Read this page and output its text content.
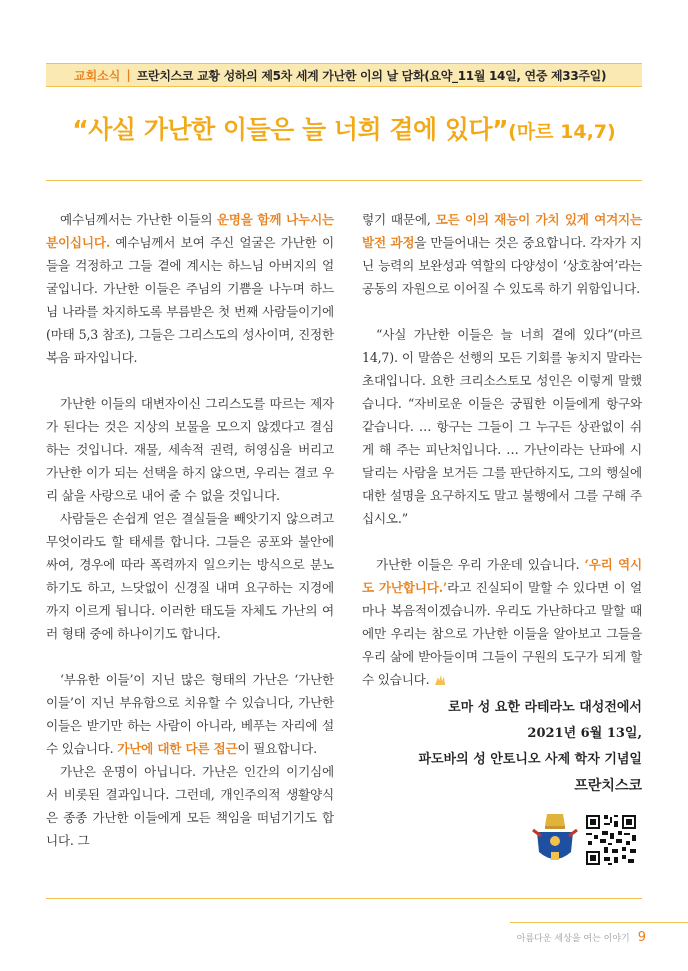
교회소식 | 프란치스코 교황 성하의 제5차 세계 가난한 이의 날 담화(요약_11월 14일, 연중 제33주일)
“사실 가난한 이들은 늘 너희 곁에 있다”(마르 14,7)

예수님께서는 가난한 이들의 운명을 함께 나누시는 분이십니다. 예수님께서 보여 주신 얼굴은 가난한 이들을 걱정하고 그들 곁에 계시는 하느님 아버지의 얼굴입니다. 가난한 이들은 주님의 기쁨을 나누며 하느님 나라를 차지하도록 부름받은 첫 번째 사람들이기에(마태 5,3 참조), 그들은 그리스도의 성사이며, 진정한 복음 파자입니다.

가난한 이들의 대변자이신 그리스도를 따르는 제자가 된다는 것은 지상의 보물을 모으지 않겠다고 결심하는 것입니다. 재물, 세속적 권력, 허영심을 버리고 가난한 이가 되는 선택을 하지 않으면, 우리는 결코 우리 삶을 사랑으로 내어 줄 수 없을 것입니다.

사람들은 손쉽게 얻은 결실들을 빼앗기지 않으려고 무엇이라도 할 태세를 합니다. 그들은 공포와 불안에 싸여, 경우에 따라 폭력까지 일으키는 방식으로 분노하기도 하고, 느닷없이 신경질 내며 요구하는 지경에까지 이르게 됩니다. 이러한 태도들 자체도 가난의 여러 형태 중에 하나이기도 합니다.

‘부유한 이들’이 지닌 많은 형태의 가난은 ‘가난한 이들’이 지닌 부유함으로 치유할 수 있습니다, 가난한 이들은 받기만 하는 사람이 아니라, 베푸는 자리에 설 수 있습니다. 가난에 대한 다른 접근이 필요합니다.

가난은 운명이 아닙니다. 가난은 인간의 이기심에서 비롯된 결과입니다. 그런데, 개인주의적 생활양식은 종종 가난한 이들에게 모든 책임을 떠넘기기도 합니다. 그

렇기 때문에, 모든 이의 재능이 가치 있게 여겨지는 발전 과정을 만들어내는 것은 중요합니다. 각자가 지닌 능력의 보완성과 역할의 다양성이 ‘상호참여’라는 공동의 자원으로 이어질 수 있도록 하기 위함입니다.

“사실 가난한 이들은 늘 너희 곁에 있다”(마르 14,7). 이 말씀은 선행의 모든 기회를 놓치지 말라는 초대입니다. 요한 크리소스토모 성인은 이렇게 말했습니다. “자비로운 이들은 궁핍한 이들에게 항구와 같습니다. … 항구는 그들이 그 누구든 상관없이 쉬게 해 주는 피난처입니다. … 가난이라는 난파에 시달리는 사람을 보거든 그를 판단하지도, 그의 행실에 대한 설명을 요구하지도 말고 불행에서 그를 구해 주십시오.”

가난한 이들은 우리 가운데 있습니다. ‘우리 역시도 가난합니다.’라고 진실되이 말할 수 있다면 이 얼마나 복음적이겠습니까. 우리도 가난하다고 말할 때에만 우리는 참으로 가난한 이들을 알아보고 그들을 우리 삶에 받아들이며 그들이 구원의 도구가 되게 할 수 있습니다.

로마 성 요한 라테라노 대성전에서
2021년 6월 13일,
파도바의 성 안토니오 사제 학자 기념일
프란치스코
아름다운 세상을 여는 이야기 9
